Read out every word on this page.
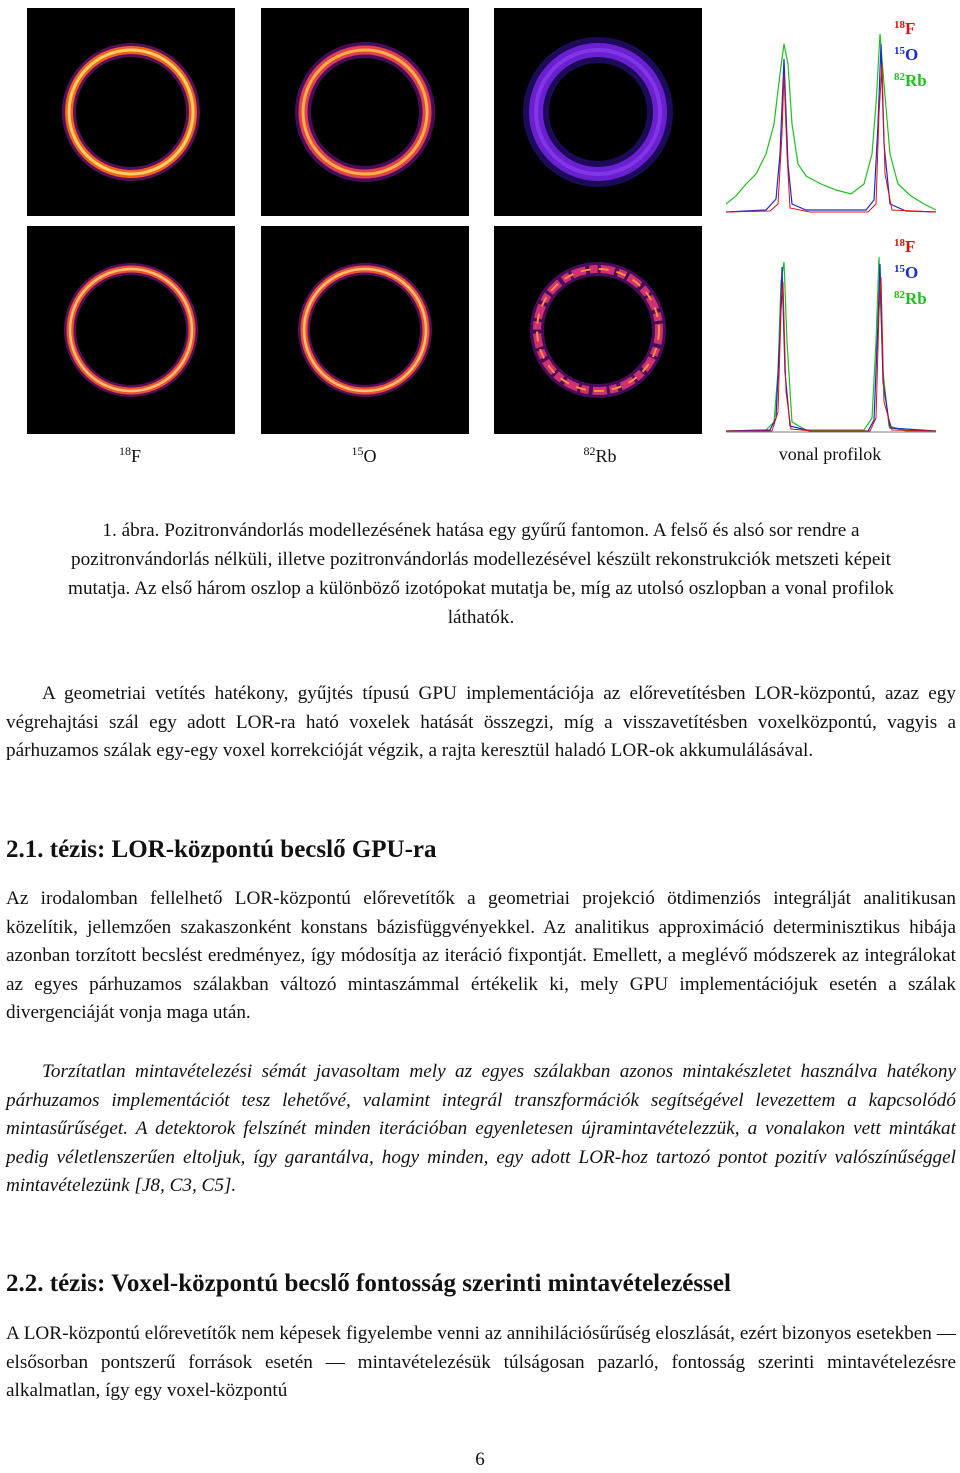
$^{18}$F
$^{15}$O
$^{82}$Rb
$^{18}$F
$^{15}$O
$^{82}$Rb
$^{18}$F	$^{15}$O	$^{82}$Rb	vonal profilok
1. ábra. Pozitronvándorlás modellezésének hatása egy gyűrű fantomon. A felső és alsó sor rendre a pozitronvándorlás nélküli, illetve pozitronvándorlás modellezésével készült rekonstrukciók metszeti képeit mutatja. Az első három oszlop a különböző izotópokat mutatja be, míg az utolsó oszlopban a vonal profilok láthatók.
A geometriai vetítés hatékony, gyűjtés típusú GPU implementációja az előrevetítésben LOR-központú, azaz egy végrehajtási szál egy adott LOR-ra ható voxelek hatását összegzi, míg a visszavetítésben voxelközpontú, vagyis a párhuzamos szálak egy-egy voxel korrekcióját végzik, a rajta keresztül haladó LOR-ok akkumulálásával.
2.1. tézis: LOR-központú becslő GPU-ra
Az irodalomban fellelhető LOR-központú előrevetítők a geometriai projekció ötdimenziós integrálját analitikusan közelítik, jellemzően szakaszonként konstans bázisfüggvényekkel. Az analitikus approximáció determinisztikus hibája azonban torzított becslést eredményez, így módosítja az iteráció fixpontját. Emellett, a meglévő módszerek az integrálokat az egyes párhuzamos szálakban változó mintaszámmal értékelik ki, mely GPU implementációjuk esetén a szálak divergenciáját vonja maga után.
Torzítatlan mintavételezési sémát javasoltam mely az egyes szálakban azonos mintakészletet használva hatékony párhuzamos implementációt tesz lehetővé, valamint integrál transzformációk segítségével levezettem a kapcsolódó mintasűrűséget. A detektorok felszínét minden iterációban egyenletesen újramintavételezzük, a vonalakon vett mintákat pedig véletlenszerűen eltoljuk, így garantálva, hogy minden, egy adott LOR-hoz tartozó pontot pozitív valószínűséggel mintavételezünk [J8, C3, C5].
2.2. tézis: Voxel-központú becslő fontosság szerinti mintavételezéssel
A LOR-központú előrevetítők nem képesek figyelembe venni az annihilációsűrűség eloszlását, ezért bizonyos esetekben — elsősorban pontszerű források esetén — mintavételezésük túlságosan pazarló, fontosság szerinti mintavételezésre alkalmatlan, így egy voxel-központú
6
